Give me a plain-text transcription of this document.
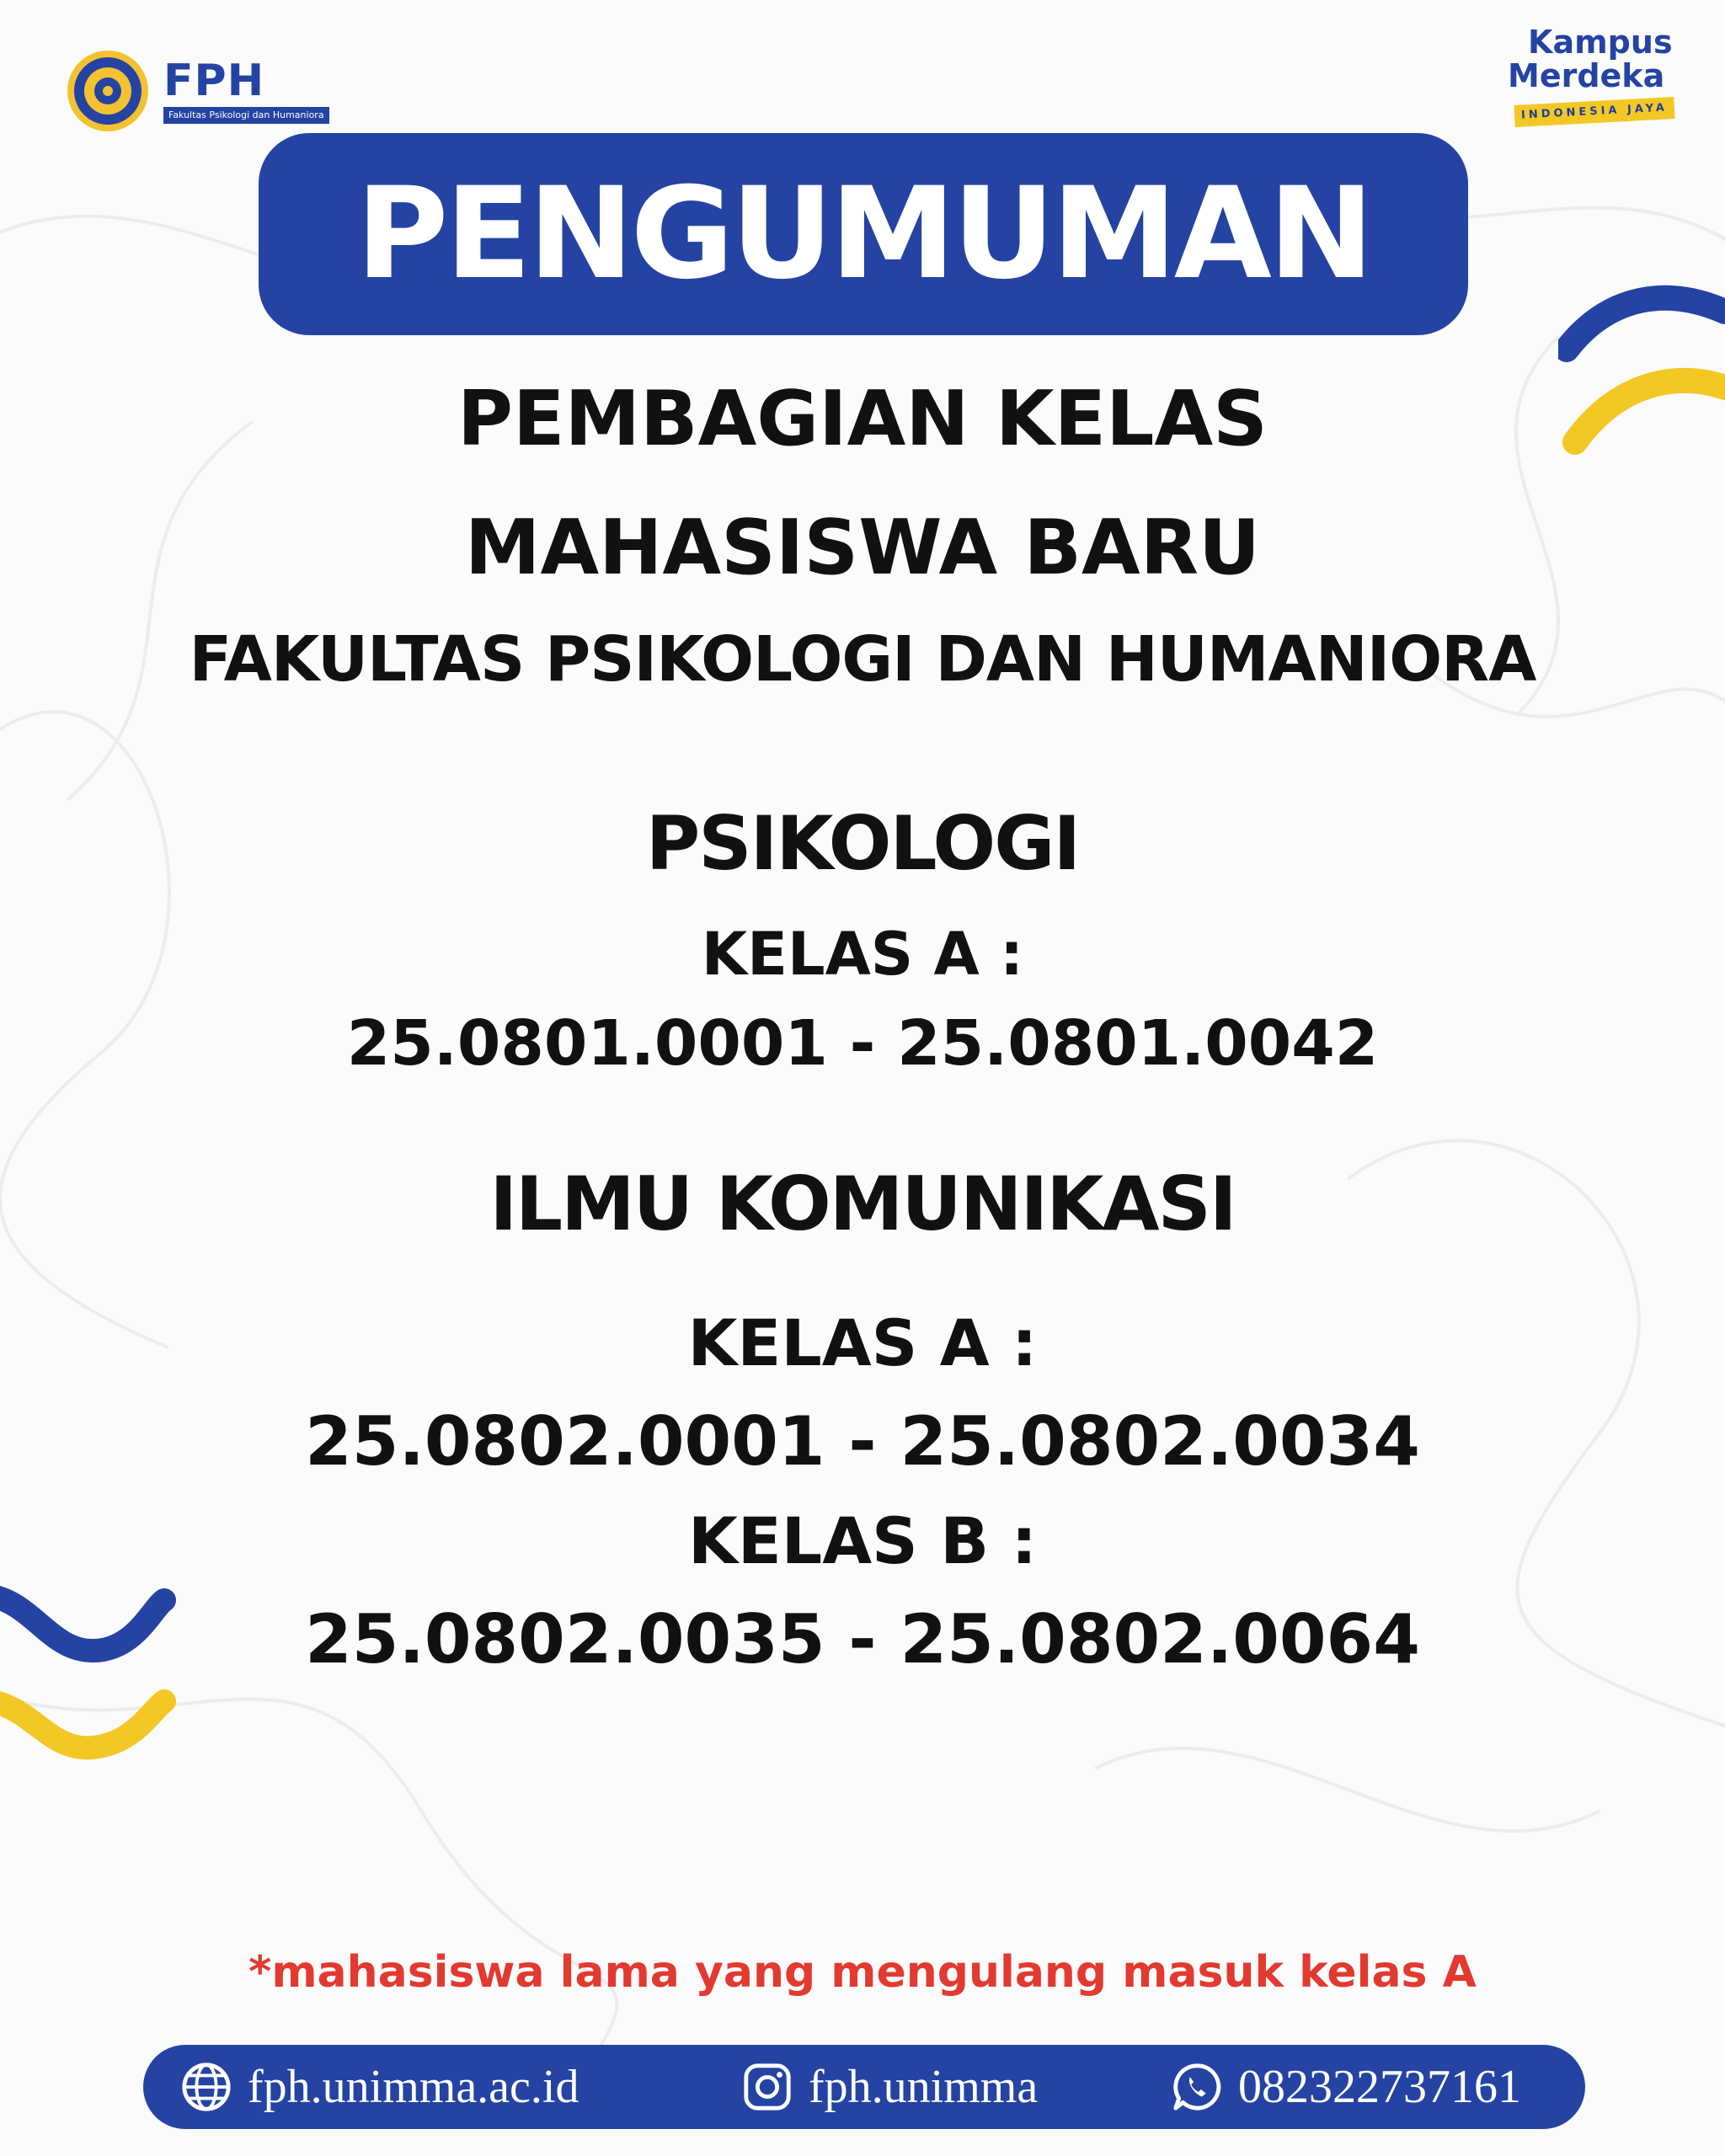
FPH
Fakultas Psikologi dan Humaniora
Kampus
Merdeka
INDONESIA JAYA
PENGUMUMAN
PEMBAGIAN KELAS
MAHASISWA BARU
FAKULTAS PSIKOLOGI DAN HUMANIORA
PSIKOLOGI
KELAS A :
25.0801.0001 - 25.0801.0042
ILMU KOMUNIKASI
KELAS A :
25.0802.0001 - 25.0802.0034
KELAS B :
25.0802.0035 - 25.0802.0064
*mahasiswa lama yang mengulang masuk kelas A
fph.unimma.ac.id	fph.unimma	082322737161
